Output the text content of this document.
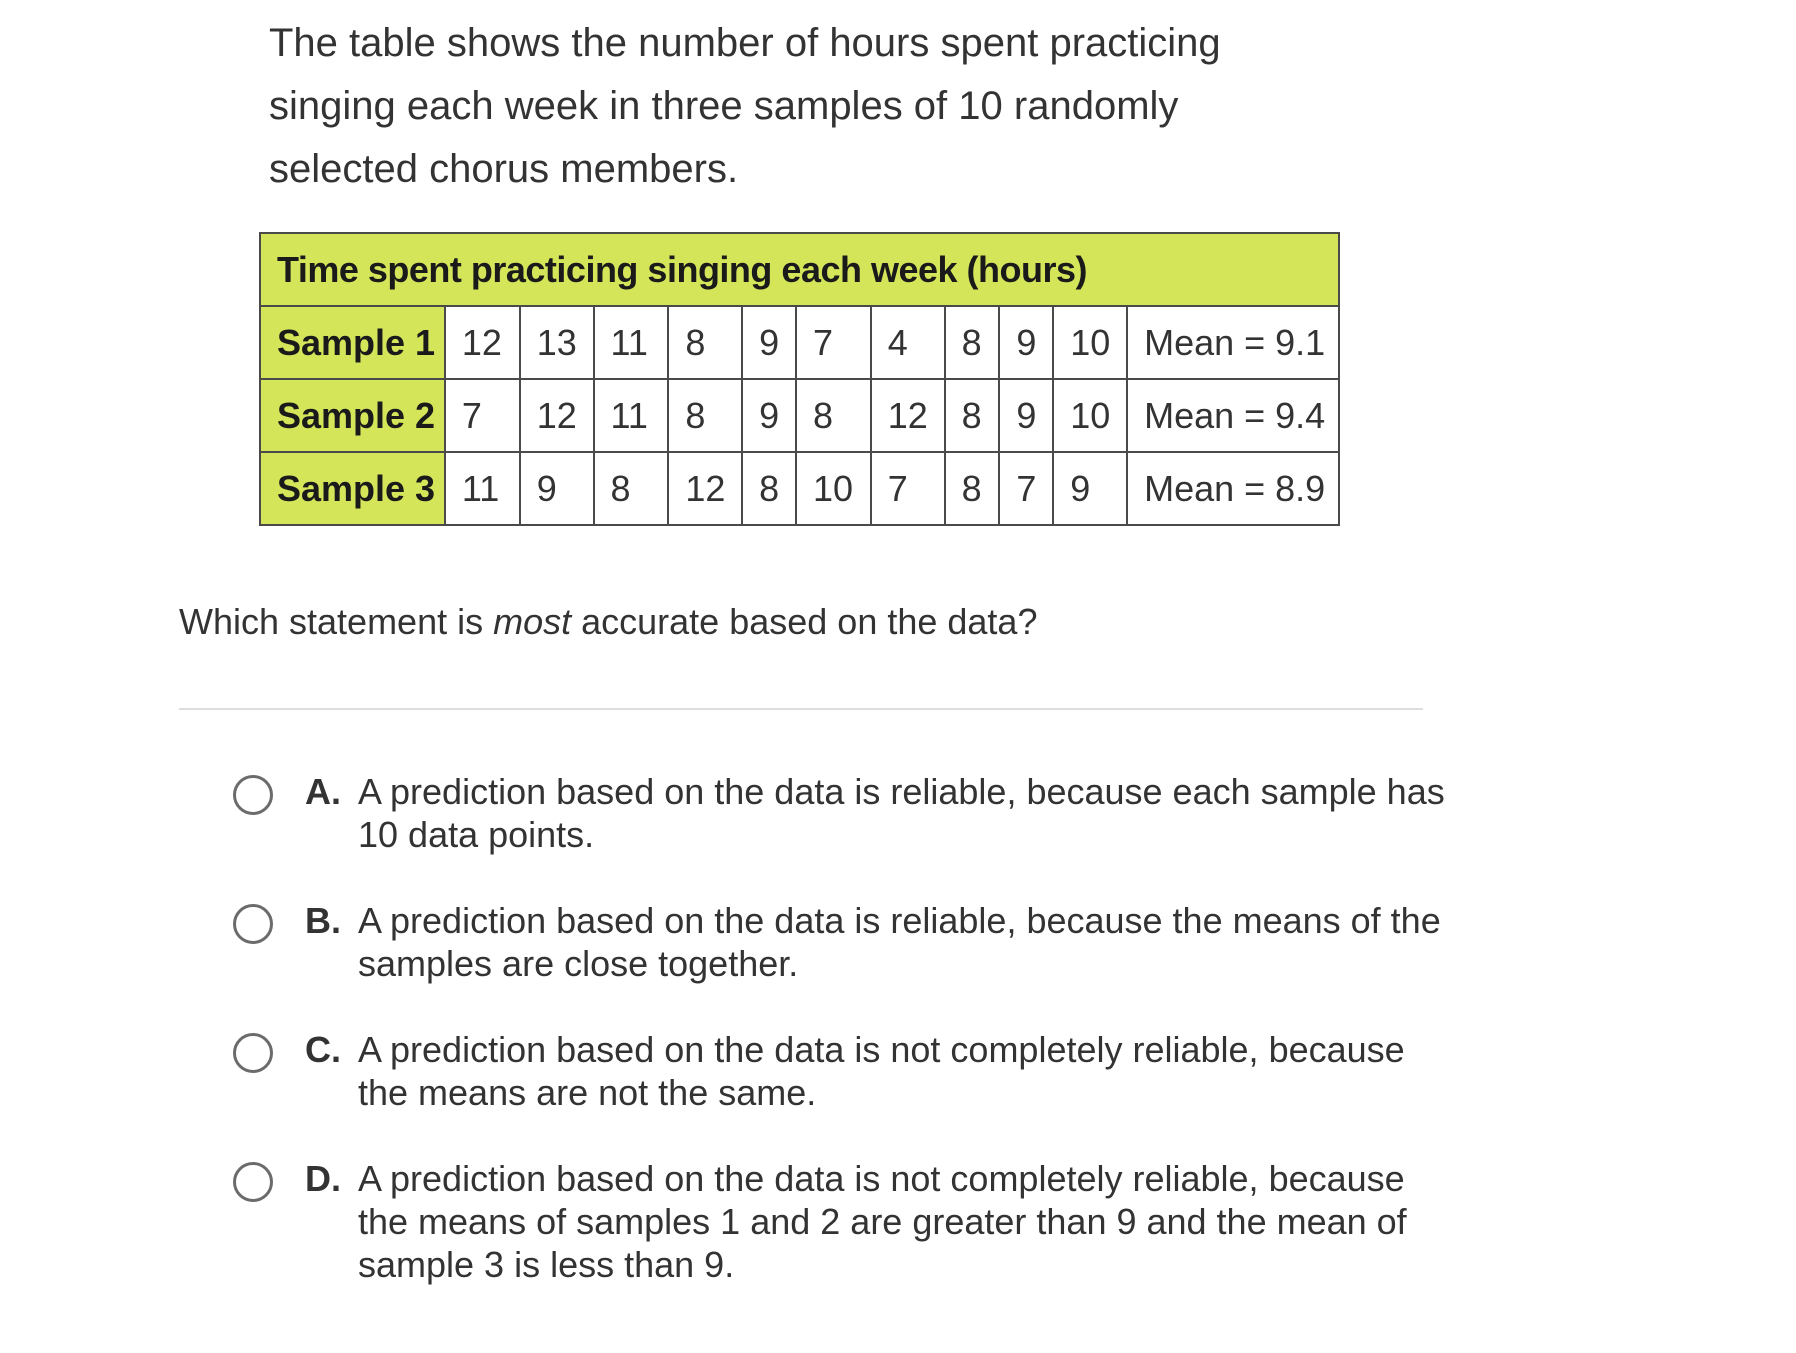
The table shows the number of hours spent practicing singing each week in three samples of 10 randomly selected chorus members.

Time spent practicing singing each week (hours)											
Sample 1	12	13	11	8	9	7	4	8	9	10	Mean = 9.1
Sample 2	7	12	11	8	9	8	12	8	9	10	Mean = 9.4
Sample 3	11	9	8	12	8	10	7	8	7	9	Mean = 8.9

Which statement is most accurate based on the data?

A. A prediction based on the data is reliable, because each sample has 10 data points.
B. A prediction based on the data is reliable, because the means of the samples are close together.
C. A prediction based on the data is not completely reliable, because the means are not the same.
D. A prediction based on the data is not completely reliable, because the means of samples 1 and 2 are greater than 9 and the mean of sample 3 is less than 9.
